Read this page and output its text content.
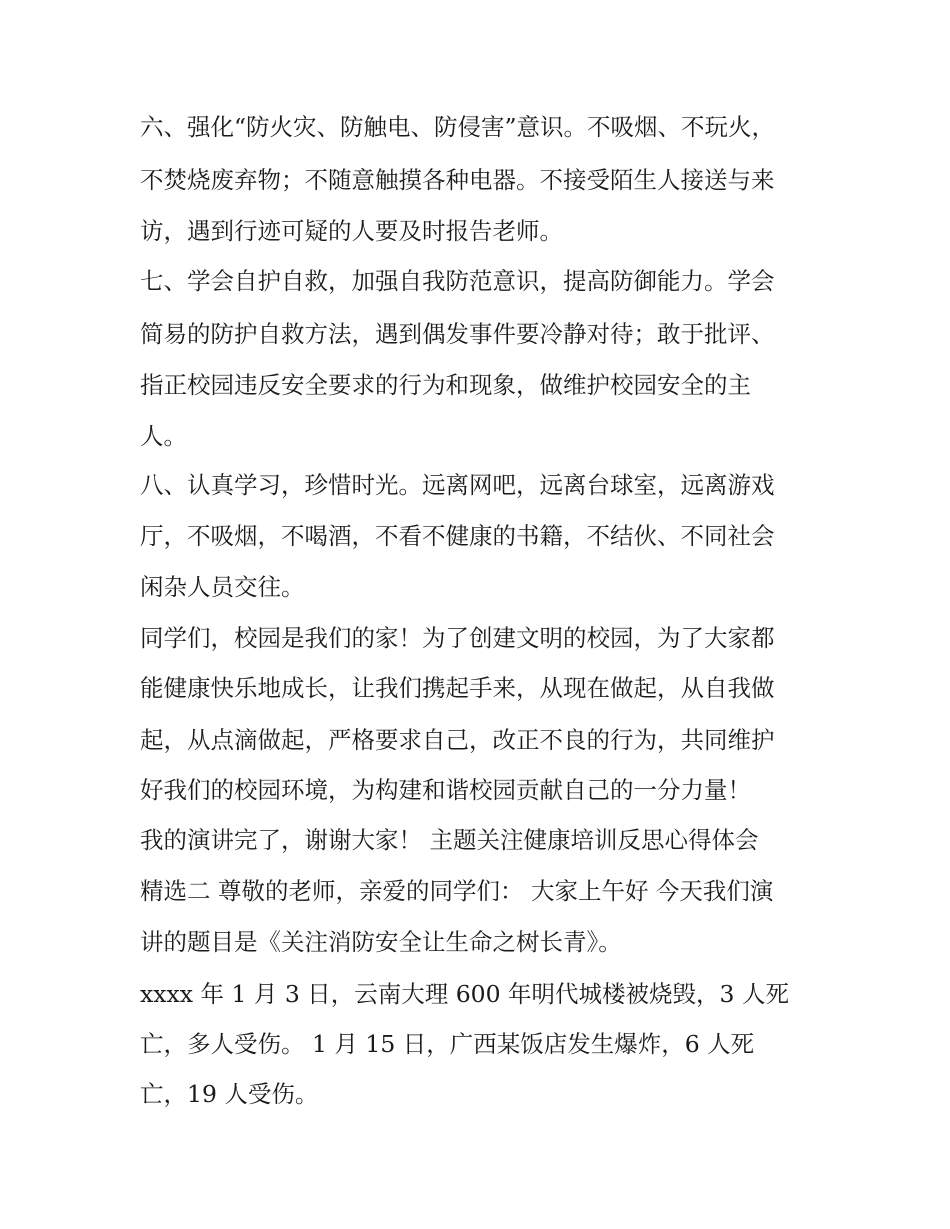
六、强化“防火灾、防触电、防侵害”意识。不吸烟、不玩火，
不焚烧废弃物；不随意触摸各种电器。不接受陌生人接送与来
访，遇到行迹可疑的人要及时报告老师。
七、学会自护自救，加强自我防范意识，提高防御能力。学会
简易的防护自救方法，遇到偶发事件要冷静对待；敢于批评、
指正校园违反安全要求的行为和现象，做维护校园安全的主
人。
八、认真学习，珍惜时光。远离网吧，远离台球室，远离游戏
厅，不吸烟，不喝酒，不看不健康的书籍，不结伙、不同社会
闲杂人员交往。
同学们，校园是我们的家！为了创建文明的校园，为了大家都
能健康快乐地成长，让我们携起手来，从现在做起，从自我做
起，从点滴做起，严格要求自己，改正不良的行为，共同维护
好我们的校园环境，为构建和谐校园贡献自己的一分力量！
我的演讲完了，谢谢大家！ 主题关注健康培训反思心得体会
精选二 尊敬的老师，亲爱的同学们： 大家上午好 今天我们演
讲的题目是《关注消防安全让生命之树长青》。
xxxx 年 1 月 3 日，云南大理 600 年明代城楼被烧毁，3 人死
亡，多人受伤。 1 月 15 日，广西某饭店发生爆炸，6 人死
亡，19 人受伤。
